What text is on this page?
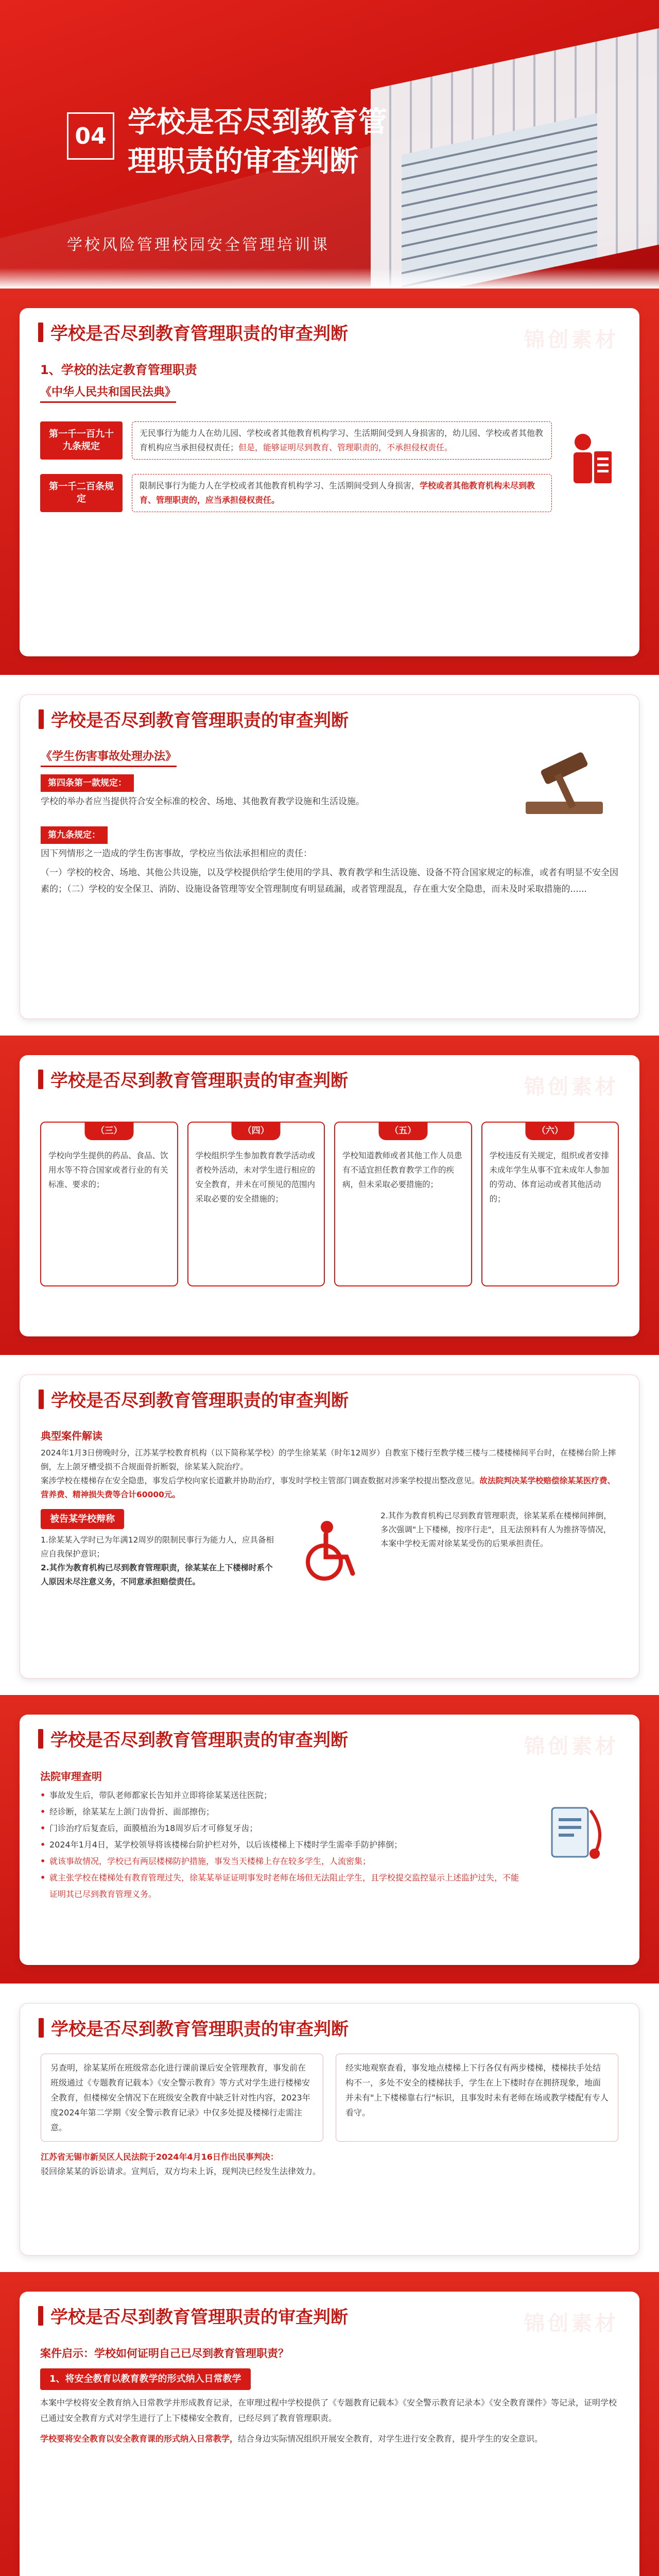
04 学校是否尽到教育管理职责的审查判断
学校风险管理校园安全管理培训课
学校是否尽到教育管理职责的审查判断	锦创素材
1、学校的法定教育管理职责
《中华人民共和国民法典》
第一千一百九十九条规定
无民事行为能力人在幼儿园、学校或者其他教育机构学习、生活期间受到人身损害的，幼儿园、学校或者其他教育机构应当承担侵权责任；但是，能够证明尽到教育、管理职责的，不承担侵权责任。
第一千二百条规定
限制民事行为能力人在学校或者其他教育机构学习、生活期间受到人身损害，学校或者其他教育机构未尽到教育、管理职责的，应当承担侵权责任。
学校是否尽到教育管理职责的审查判断
《学生伤害事故处理办法》
第四条第一款规定：
学校的举办者应当提供符合安全标准的校舍、场地、其他教育教学设施和生活设施。
第九条规定：
因下列情形之一造成的学生伤害事故，学校应当依法承担相应的责任：
（一）学校的校舍、场地、其他公共设施，以及学校提供给学生使用的学具、教育教学和生活设施、设备不符合国家规定的标准，或者有明显不安全因素的；（二）学校的安全保卫、消防、设施设备管理等安全管理制度有明显疏漏，或者管理混乱，存在重大安全隐患，而未及时采取措施的......
学校是否尽到教育管理职责的审查判断	锦创素材
（三）
学校向学生提供的药品、食品、饮用水等不符合国家或者行业的有关标准、要求的；
（四）
学校组织学生参加教育教学活动或者校外活动，未对学生进行相应的安全教育，并未在可预见的范围内采取必要的安全措施的；
（五）
学校知道教师或者其他工作人员患有不适宜担任教育教学工作的疾病，但未采取必要措施的；
（六）
学校违反有关规定，组织或者安排未成年学生从事不宜未成年人参加的劳动、体育运动或者其他活动的；
学校是否尽到教育管理职责的审查判断
典型案件解读
2024年1月3日傍晚时分，江苏某学校教育机构（以下简称某学校）的学生徐某某（时年12周岁）自教室下楼行至教学楼三楼与二楼楼梯间平台时，在楼梯台阶上摔倒，左上颌牙槽受损不合规面骨折断裂，徐某某入院治疗。
案涉学校在楼梯存在安全隐患，事发后学校向家长道歉并协助治疗，事发时学校主管部门调查数据对涉案学校提出整改意见。故法院判决某学校赔偿徐某某医疗费、营养费、精神损失费等合计60000元。
被告某学校辩称
1.徐某某入学时已为年满12周岁的限制民事行为能力人，应具备相应自我保护意识；
2.其作为教育机构已尽到教育管理职责，徐某某在上下楼梯时系个人原因未尽注意义务，不同意承担赔偿责任。
2.其作为教育机构已尽到教育管理职责，徐某某系在楼梯间摔倒，多次强调"上下楼梯，按序行走"，且无法预料有人为推挤等情况，本案中学校无需对徐某某受伤的后果承担责任。
学校是否尽到教育管理职责的审查判断	锦创素材
法院审理查明
• 事故发生后，带队老师都家长告知并立即将徐某某送往医院；
• 经诊断，徐某某左上颌门齿骨折、面部擦伤；
• 门诊治疗后复查后，面膜植治为18周岁后才可修复牙齿；
• 2024年1月4日，某学校领导将该楼梯台阶护栏对外，以后该楼梯上下楼时学生需牵手防护摔倒；
• 就该事故情况，学校已有两层楼梯防护措施，事发当天楼梯上存在较多学生，人流密集；
• 就主张学校在楼梯处有教育管理过失，徐某某举证证明事发时老师在场但无法阻止学生，且学校提交监控显示上述监护过失，不能证明其已尽到教育管理义务。
学校是否尽到教育管理职责的审查判断
另查明，徐某某所在班级常态化进行课前课后安全管理教育，事发前在班级通过《专题教育记载本》《安全警示教育》等方式对学生进行楼梯安全教育，但楼梯安全情况下在班级安全教育中缺乏针对性内容，2023年度2024年第二学期《安全警示教育记录》中仅多处提及楼梯行走需注意。
经实地观察查看，事发地点楼梯上下行各仅有两步楼梯，楼梯扶手处结构不一，多处不安全的楼梯扶手，学生在上下楼时存在拥挤现象，地面并未有"上下楼梯靠右行"标识，且事发时未有老师在场或教学楼配有专人看守。
江苏省无锡市新吴区人民法院于2024年4月16日作出民事判决：
驳回徐某某的诉讼请求。宣判后，双方均未上诉，现判决已经发生法律效力。
学校是否尽到教育管理职责的审查判断	锦创素材
案件启示：学校如何证明自己已尽到教育管理职责？
1、将安全教育以教育教学的形式纳入日常教学
本案中学校将安全教育纳入日常教学并形成教育记录，在审理过程中学校提供了《专题教育记载本》《安全警示教育记录本》《安全教育课件》等记录，证明学校已通过安全教育方式对学生进行了上下楼梯安全教育，已经尽到了教育管理职责。
学校要将安全教育以安全教育课的形式纳入日常教学，结合身边实际情况组织开展安全教育，对学生进行安全教育，提升学生的安全意识。
